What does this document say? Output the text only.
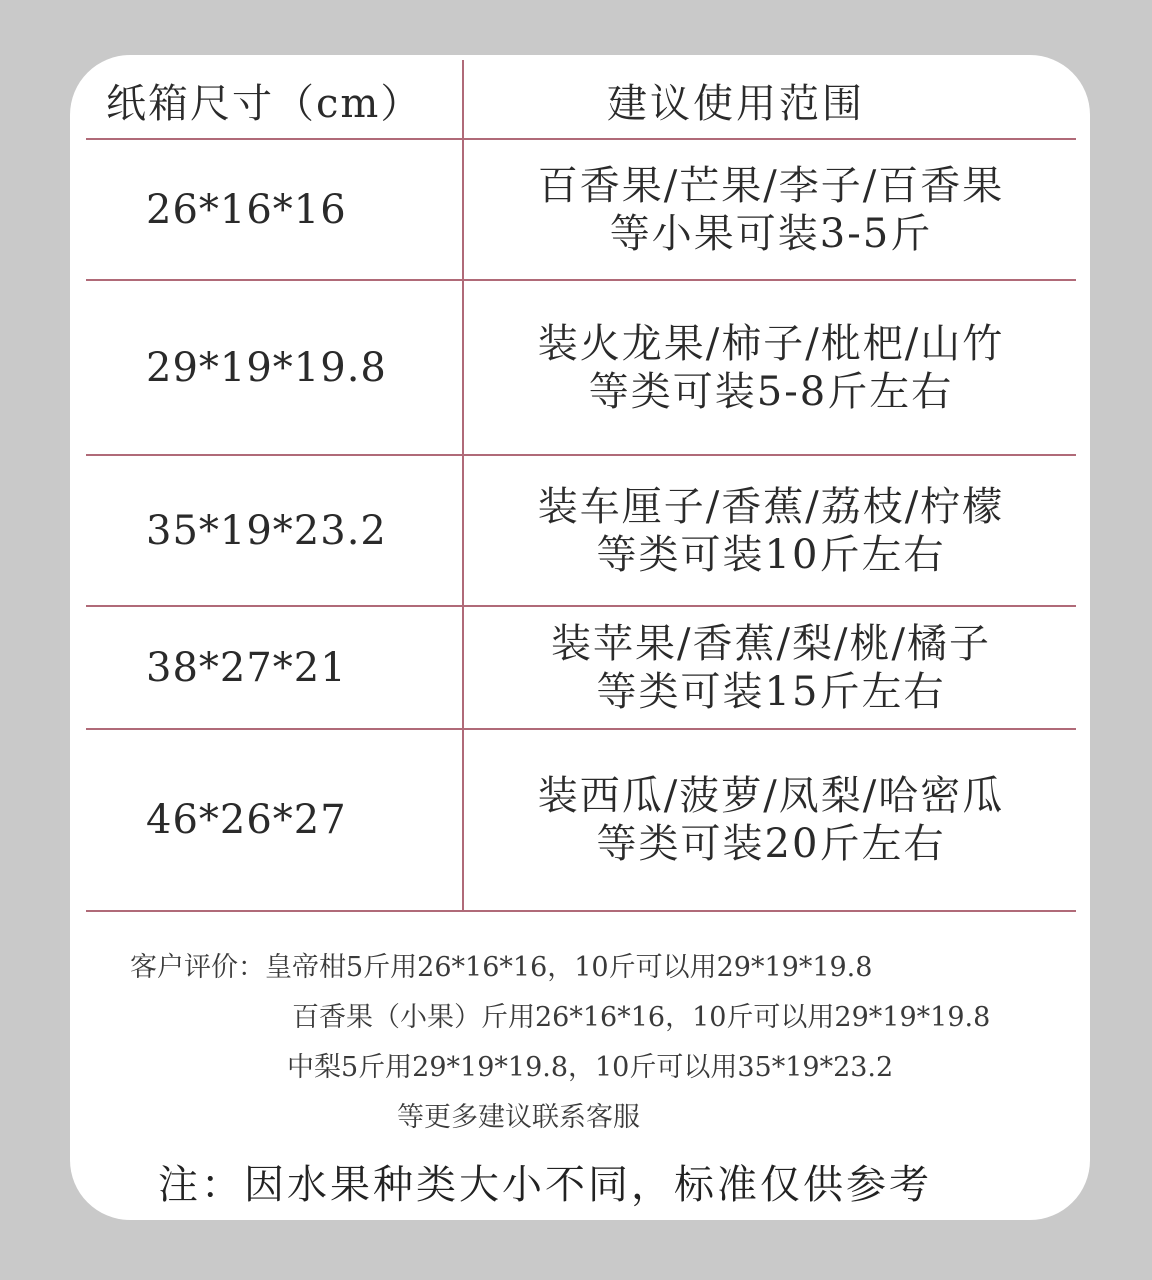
纸箱尺寸（cm）	建议使用范围
26*16*16
百香果/芒果/李子/百香果
等小果可装3-5斤
29*19*19.8
装火龙果/柿子/枇杷/山竹
等类可装5-8斤左右
35*19*23.2
装车厘子/香蕉/荔枝/柠檬
等类可装10斤左右
38*27*21
装苹果/香蕉/梨/桃/橘子
等类可装15斤左右
46*26*27
装西瓜/菠萝/凤梨/哈密瓜
等类可装20斤左右
客户评价：皇帝柑5斤用26*16*16，10斤可以用29*19*19.8
百香果（小果）斤用26*16*16，10斤可以用29*19*19.8
中梨5斤用29*19*19.8，10斤可以用35*19*23.2
等更多建议联系客服
注：因水果种类大小不同，标准仅供参考
